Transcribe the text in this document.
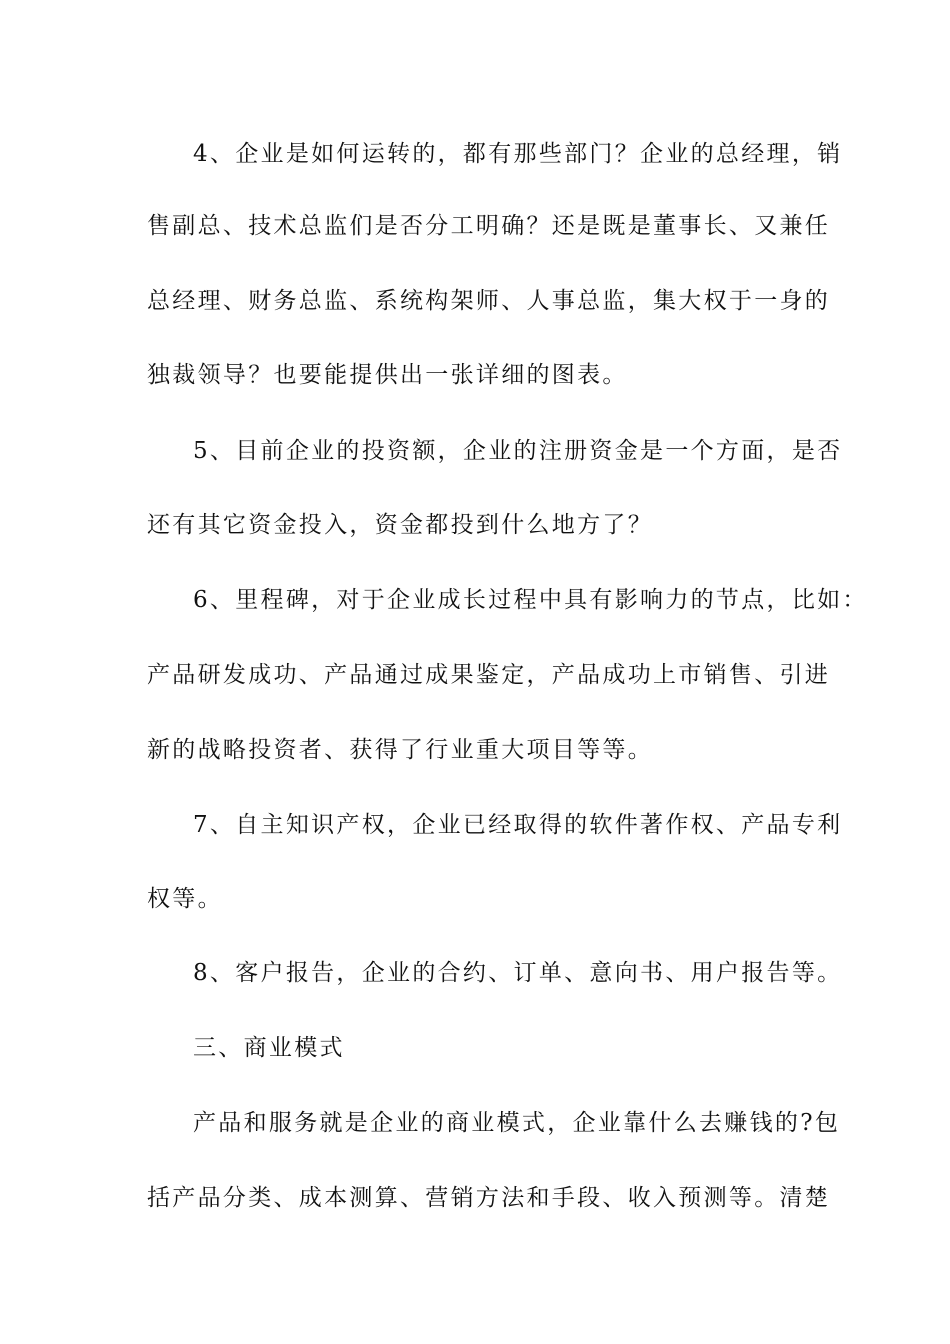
4、企业是如何运转的，都有那些部门？企业的总经理，销
售副总、技术总监们是否分工明确？还是既是董事长、又兼任
总经理、财务总监、系统构架师、人事总监，集大权于一身的
独裁领导？也要能提供出一张详细的图表。
5、目前企业的投资额，企业的注册资金是一个方面，是否
还有其它资金投入，资金都投到什么地方了？
6、里程碑，对于企业成长过程中具有影响力的节点，比如：
产品研发成功、产品通过成果鉴定，产品成功上市销售、引进
新的战略投资者、获得了行业重大项目等等。
7、自主知识产权，企业已经取得的软件著作权、产品专利
权等。
8、客户报告，企业的合约、订单、意向书、用户报告等。
三、商业模式
产品和服务就是企业的商业模式，企业靠什么去赚钱的?包
括产品分类、成本测算、营销方法和手段、收入预测等。清楚
